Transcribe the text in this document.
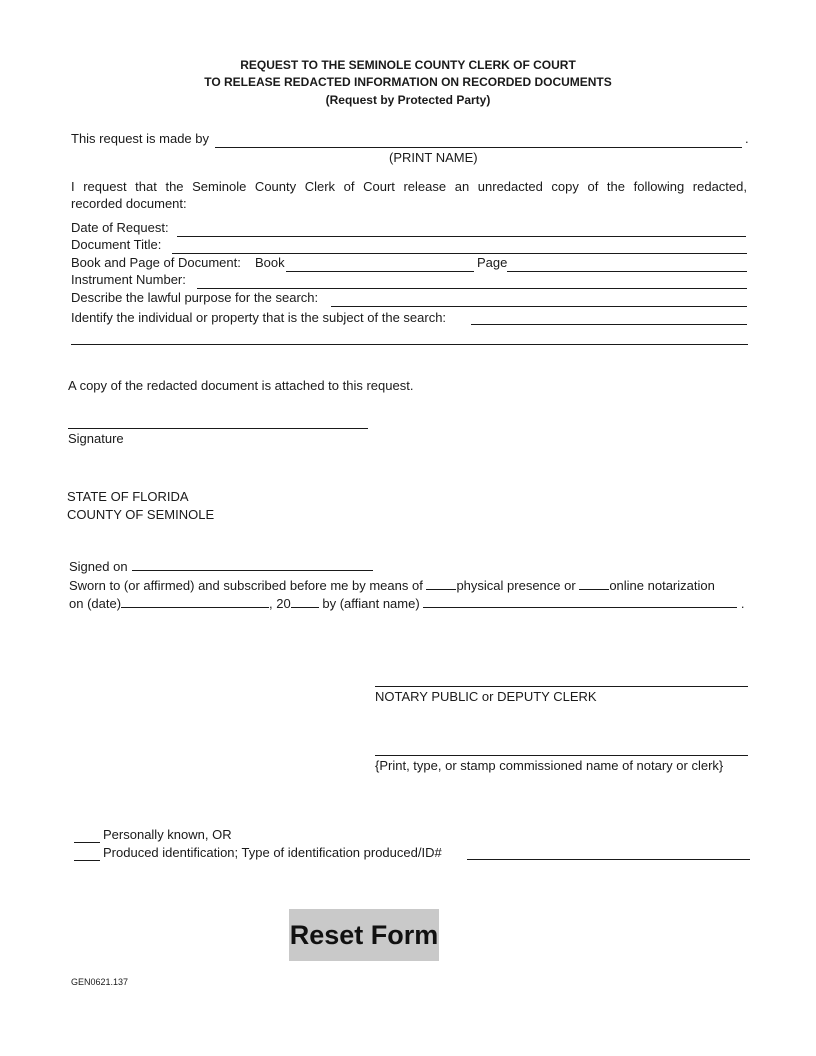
REQUEST TO THE SEMINOLE COUNTY CLERK OF COURT
TO RELEASE REDACTED INFORMATION ON RECORDED DOCUMENTS
(Request by Protected Party)
This request is made by	.
(PRINT NAME)
I request that the Seminole County Clerk of Court release an unredacted copy of the following redacted,
recorded document:
Date of Request:
Document Title:
Book and Page of Document: Book	Page
Instrument Number:
Describe the lawful purpose for the search:
Identify the individual or property that is the subject of the search:
A copy of the redacted document is attached to this request.
Signature
STATE OF FLORIDA
COUNTY OF SEMINOLE
Signed on
Sworn to (or affirmed) and subscribed before me by means of	physical presence or	online notarization
on (date)	, 20 by (affiant name)	.
NOTARY PUBLIC or DEPUTY CLERK
{Print, type, or stamp commissioned name of notary or clerk}
Personally known, OR
Produced identification; Type of identification produced/ID#
Reset Form
GEN0621.137
